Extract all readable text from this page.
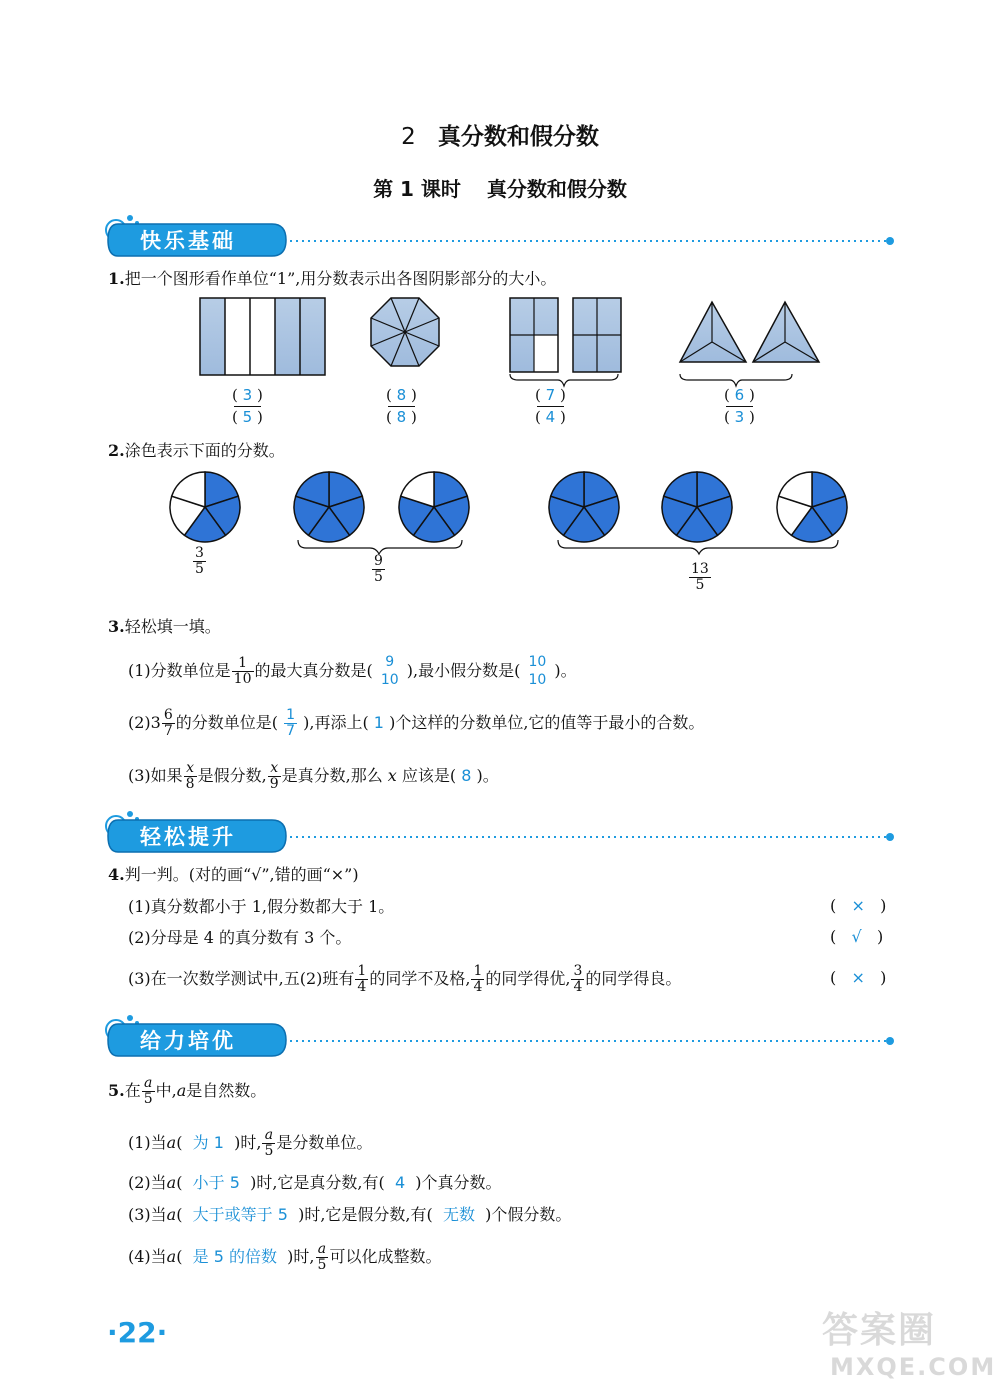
2 真分数和假分数
第 1 课时 真分数和假分数
快乐基础
1.把一个图形看作单位“1”,用分数表示出各图阴影部分的大小。
( 3 )
( 5 )
( 8 )
( 8 )
( 7 )
( 4 )
( 6 )
( 3 )
2.涂色表示下面的分数。
$\frac{3}{5}$	$\frac{9}{5}$	$\frac{13}{5}$
3.轻松填一填。
(1)分数单位是 $\frac{1}{10}$ 的最大真分数是( 9
10 ),最小假分数是( 10
10 )。
$(2)3 \frac{6}{7}$ 的分数单位是( $\frac{1}{7}$ ),再添上( 1 )个这样的分数单位,它的值等于最小的合数。
(3)如果 $\frac{x}{8}$ 是假分数, $\frac{x}{9}$ 是真分数,那么 x 应该是( 8 )。
轻松提升
4.判一判。(对的画“√”,错的画“×”)
(1)真分数都小于 1,假分数都大于 1。	(   ×   )
(2)分母是 4 的真分数有 3 个。	(   √   )
(3)在一次数学测试中,五(2)班有 $\frac{1}{4}$ 的同学不及格, $\frac{1}{4}$ 的同学得优, $\frac{3}{4}$ 的同学得良。	(   ×   )
给力培优
5.在 $\frac{a}{5}$ 中,a是自然数。
(1)当a( 为 1 )时, $\frac{a}{5}$ 是分数单位。
(2)当a( 小于 5 )时,它是真分数,有( 4 )个真分数。
(3)当a( 大于或等于 5 )时,它是假分数,有( 无数 )个假分数。
(4)当a( 是 5 的倍数 )时, $\frac{a}{5}$ 可以化成整数。
·22·	答案圈
MXQE.COM
